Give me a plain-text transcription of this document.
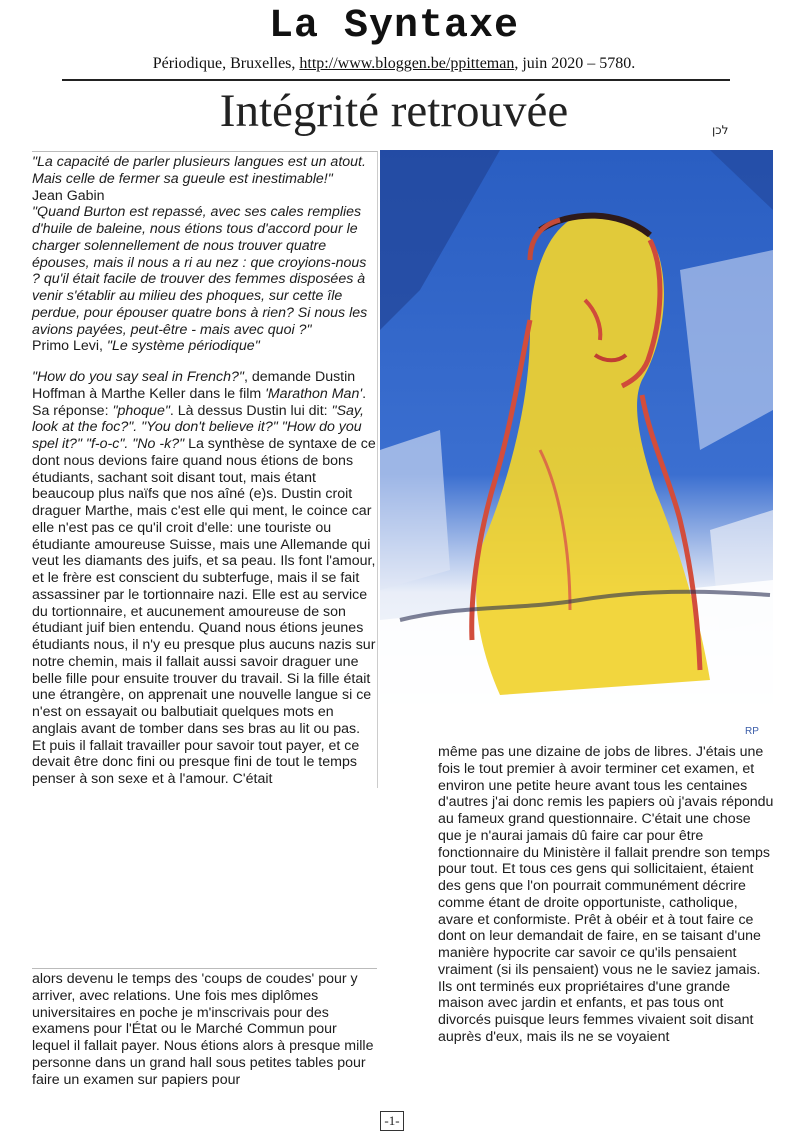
La Syntaxe
Périodique, Bruxelles, http://www.bloggen.be/ppitteman, juin 2020 – 5780.
Intégrité retrouvée	לכן

"La capacité de parler plusieurs langues est un atout. Mais celle de fermer sa gueule est inestimable!"

Jean Gabin

"Quand Burton est repassé, avec ses cales remplies d'huile de baleine, nous étions tous d'accord pour le charger solennellement de nous trouver quatre épouses, mais il nous a ri au nez : que croyions-nous ? qu'il était facile de trouver des femmes disposées à venir s'établir au milieu des phoques, sur cette île perdue, pour épouser quatre bons à rien? Si nous les avions payées, peut-être - mais avec quoi ?"

Primo Levi, "Le système périodique"

"How do you say seal in French?", demande Dustin Hoffman à Marthe Keller dans le film 'Marathon Man'. Sa réponse: "phoque". Là dessus Dustin lui dit: "Say, look at the foc?". "You don't believe it?" "How do you spel it?" "f-o-c". "No -k?" La synthèse de syntaxe de ce dont nous devions faire quand nous étions de bons étudiants, sachant soit disant tout, mais étant beaucoup plus naïfs que nos aîné (e)s. Dustin croit draguer Marthe, mais c'est elle qui ment, le coince car elle n'est pas ce qu'il croit d'elle: une touriste ou étudiante amoureuse Suisse, mais une Allemande qui veut les diamants des juifs, et sa peau. Ils font l'amour, et le frère est conscient du subterfuge, mais il se fait assassiner par le tortionnaire nazi. Elle est au service du tortionnaire, et aucunement amoureuse de son étudiant juif bien entendu. Quand nous étions jeunes étudiants nous, il n'y eu presque plus aucuns nazis sur notre chemin, mais il fallait aussi savoir draguer une belle fille pour ensuite trouver du travail. Si la fille était une étrangère, on apprenait une nouvelle langue si ce n'est on essayait ou balbutiait quelques mots en anglais avant de tomber dans ses bras au lit ou pas. Et puis il fallait travailler pour savoir tout payer, et ce devait être donc fini ou presque fini de tout le temps penser à son sexe et à l'amour. C'était

alors devenu le temps des 'coups de coudes' pour y arriver, avec relations. Une fois mes diplômes universitaires en poche je m'inscrivais pour des examens pour l'État ou le Marché Commun pour lequel il fallait payer. Nous étions alors à presque mille personne dans un grand hall sous petites tables pour faire un examen sur papiers pour

même pas une dizaine de jobs de libres. J'étais une fois le tout premier à avoir terminer cet examen, et environ une petite heure avant tous les centaines d'autres j'ai donc remis les papiers où j'avais répondu au fameux grand questionnaire. C'était une chose que je n'aurai jamais dû faire car pour être fonctionnaire du Ministère il fallait prendre son temps pour tout. Et tous ces gens qui sollicitaient, étaient des gens que l'on pourrait communément décrire comme étant de droite opportuniste, catholique, avare et conformiste. Prêt à obéir et à tout faire ce dont on leur demandait de faire, en se taisant d'une manière hypocrite car savoir ce qu'ils pensaient vraiment (si ils pensaient) vous ne le saviez jamais. Ils ont terminés eux propriétaires d'une grande maison avec jardin et enfants, et pas tous ont divorcés puisque leurs femmes vivaient soit disant auprès d'eux, mais ils ne se voyaient

RP
-1-
